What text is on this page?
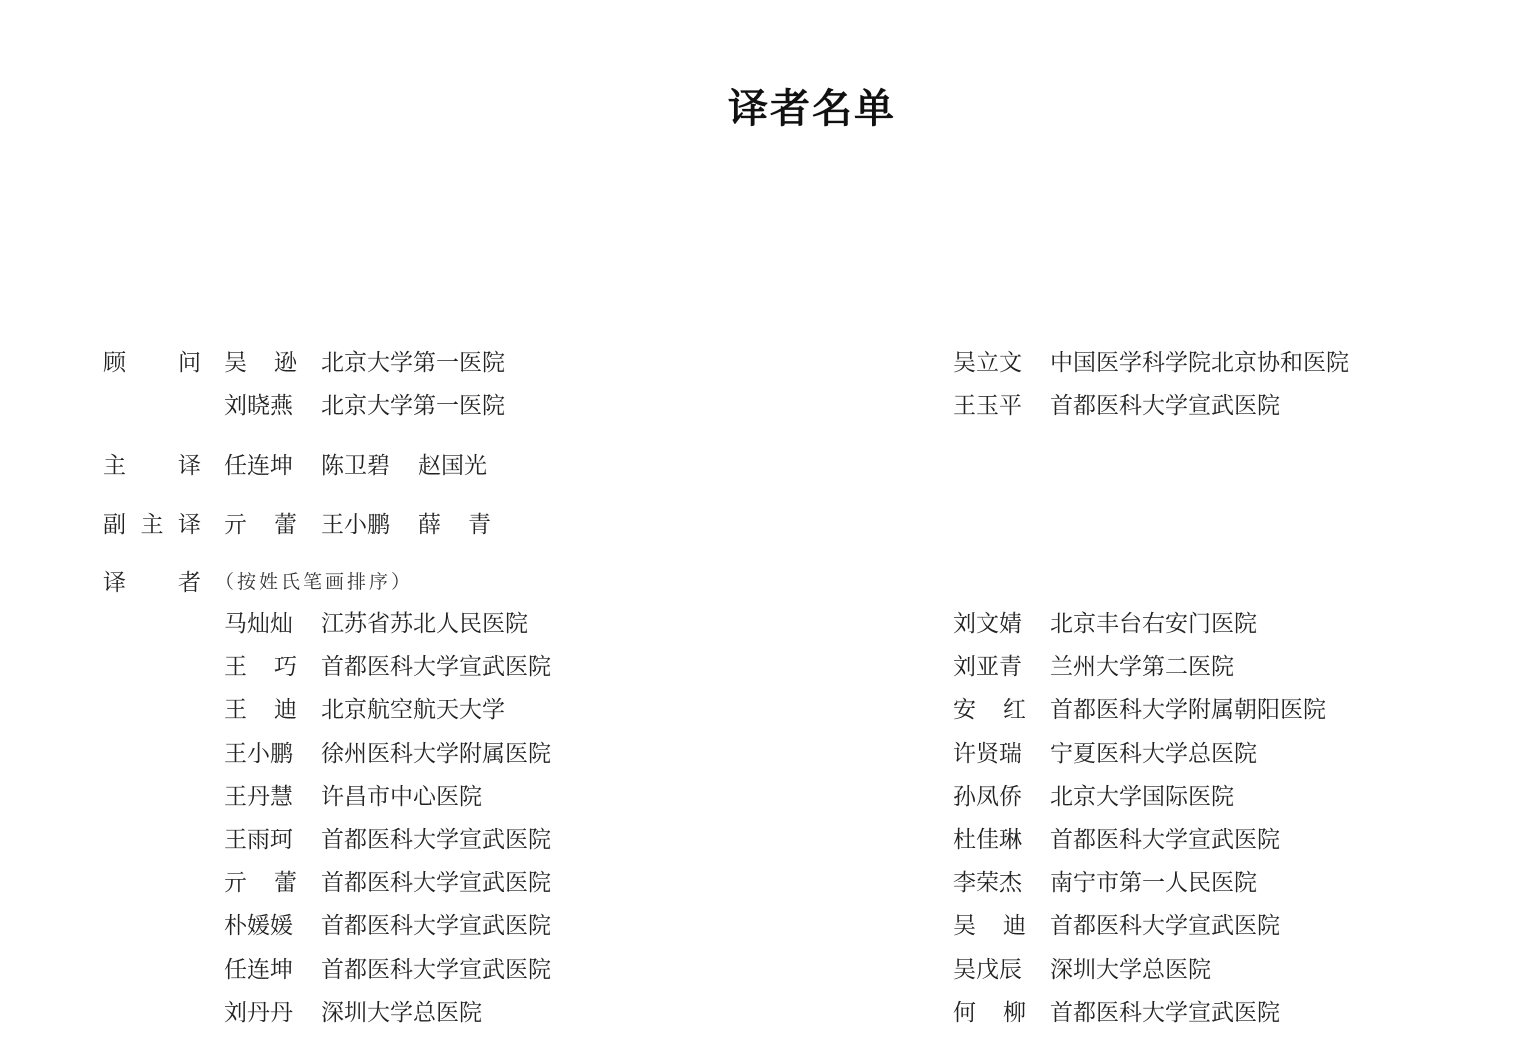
译者名单
顾 问
主 译
副 主 译
译 者 （按姓氏笔画排序）
吴 逊 北京大学第一医院	吴立文 中国医学科学院北京协和医院
刘晓燕 北京大学第一医院	王玉平 首都医科大学宣武医院
任连坤 陈卫碧 赵国光
亓 蕾 王小鹏 薛 青
马灿灿 江苏省苏北人民医院
王 巧 首都医科大学宣武医院
王 迪 北京航空航天大学
王小鹏 徐州医科大学附属医院
王丹慧 许昌市中心医院
王雨珂 首都医科大学宣武医院
亓 蕾 首都医科大学宣武医院
朴媛媛 首都医科大学宣武医院
任连坤 首都医科大学宣武医院
刘丹丹 深圳大学总医院
刘文婧 北京丰台右安门医院
刘亚青 兰州大学第二医院
安 红 首都医科大学附属朝阳医院
许贤瑞 宁夏医科大学总医院
孙凤侨 北京大学国际医院
杜佳琳 首都医科大学宣武医院
李荣杰 南宁市第一人民医院
吴 迪 首都医科大学宣武医院
吴戊辰 深圳大学总医院
何 柳 首都医科大学宣武医院
